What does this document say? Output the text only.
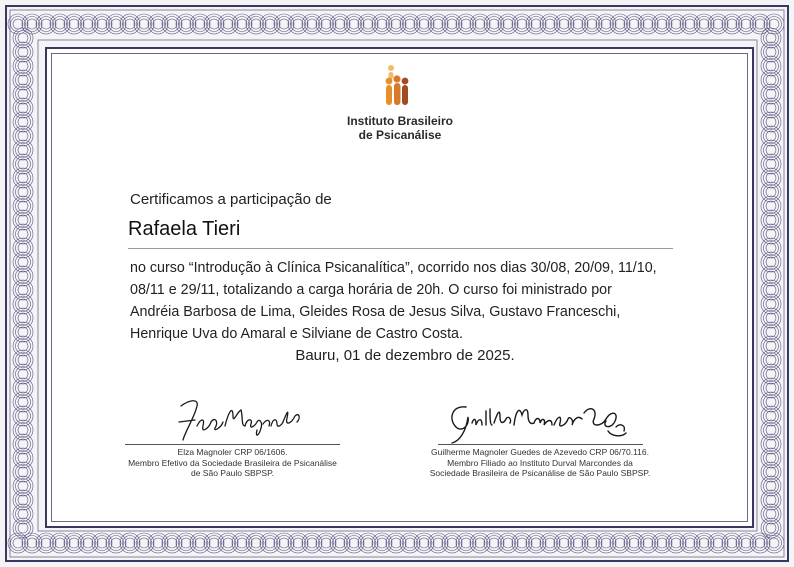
Instituto Brasileiro
de Psicanálise
Certificamos a participação de
Rafaela Tieri
no curso “Introdução à Clínica Psicanalítica”, ocorrido nos dias 30/08, 20/09, 11/10,
08/11 e 29/11, totalizando a carga horária de 20h. O curso foi ministrado por
Andréia Barbosa de Lima, Gleides Rosa de Jesus Silva, Gustavo Franceschi,
Henrique Uva do Amaral e Silviane de Castro Costa.
Bauru, 01 de dezembro de 2025.
Elza Magnoler CRP 06/1606.
Membro Efetivo da Sociedade Brasileira de Psicanálise
de São Paulo SBPSP.
Guilherme Magnoler Guedes de Azevedo CRP 06/70.116.
Membro Filiado ao Instituto Durval Marcondes da
Sociedade Brasileira de Psicanálise de São Paulo SBPSP.
